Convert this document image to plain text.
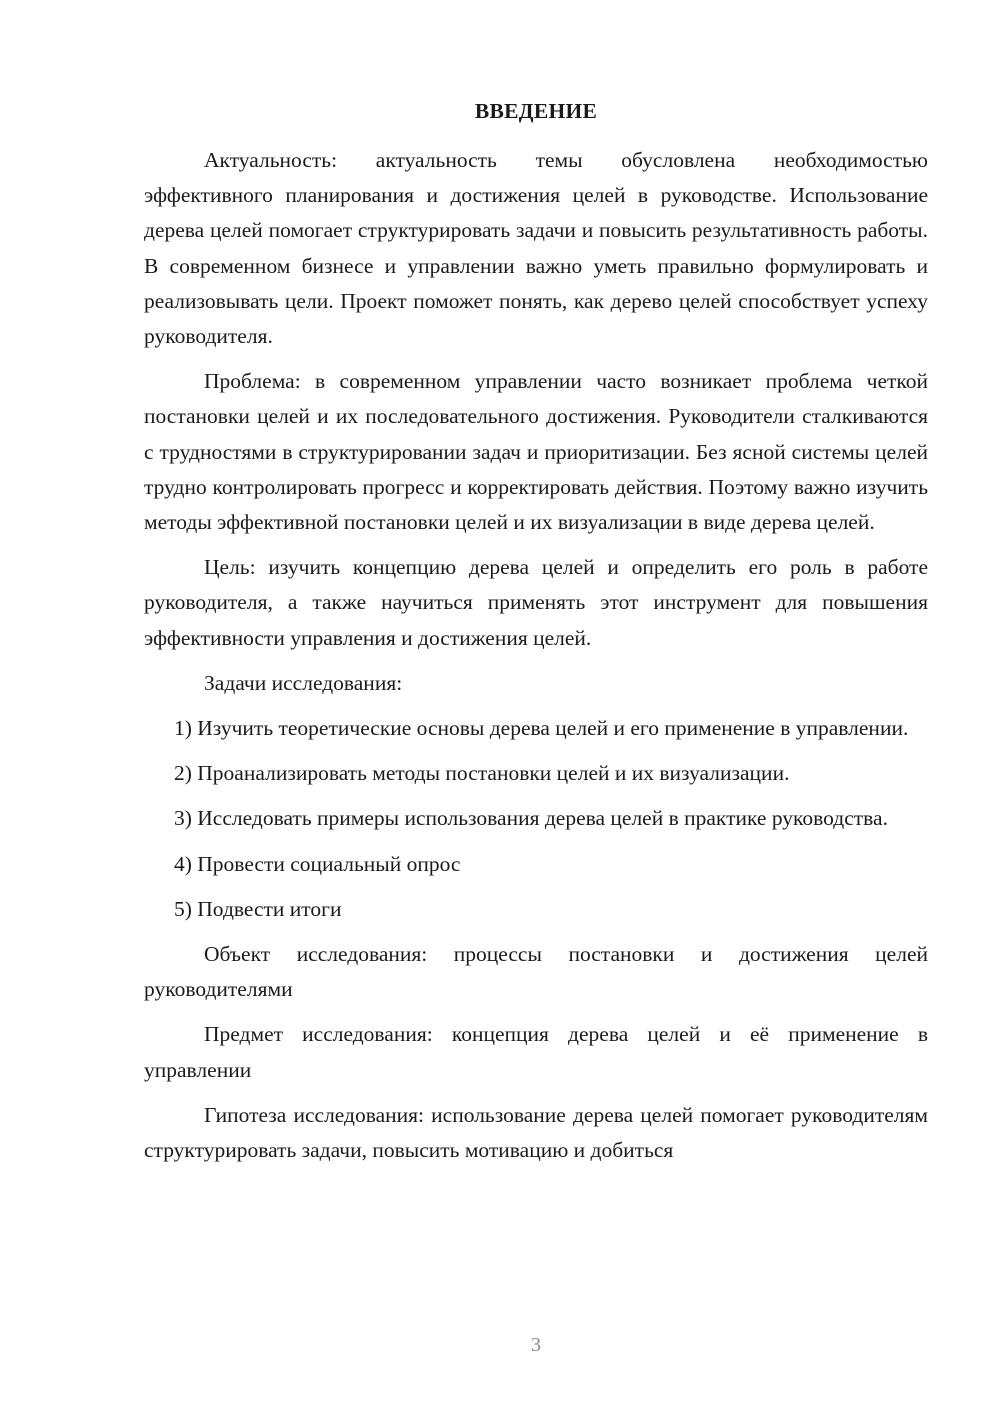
ВВЕДЕНИЕ

Актуальность: актуальность темы обусловлена необходимостью эффективного планирования и достижения целей в руководстве. Использование дерева целей помогает структурировать задачи и повысить результативность работы. В современном бизнесе и управлении важно уметь правильно формулировать и реализовывать цели. Проект поможет понять, как дерево целей способствует успеху руководителя.

Проблема: в современном управлении часто возникает проблема четкой постановки целей и их последовательного достижения. Руководители сталкиваются с трудностями в структурировании задач и приоритизации. Без ясной системы целей трудно контролировать прогресс и корректировать действия. Поэтому важно изучить методы эффективной постановки целей и их визуализации в виде дерева целей.

Цель: изучить концепцию дерева целей и определить его роль в работе руководителя, а также научиться применять этот инструмент для повышения эффективности управления и достижения целей.

Задачи исследования:

1) Изучить теоретические основы дерева целей и его применение в управлении.

2) Проанализировать методы постановки целей и их визуализации.

3) Исследовать примеры использования дерева целей в практике руководства.

4) Провести социальный опрос

5) Подвести итоги

Объект исследования: процессы постановки и достижения целей руководителями

Предмет исследования: концепция дерева целей и её применение в управлении

Гипотеза исследования: использование дерева целей помогает руководителям структурировать задачи, повысить мотивацию и добиться

3
